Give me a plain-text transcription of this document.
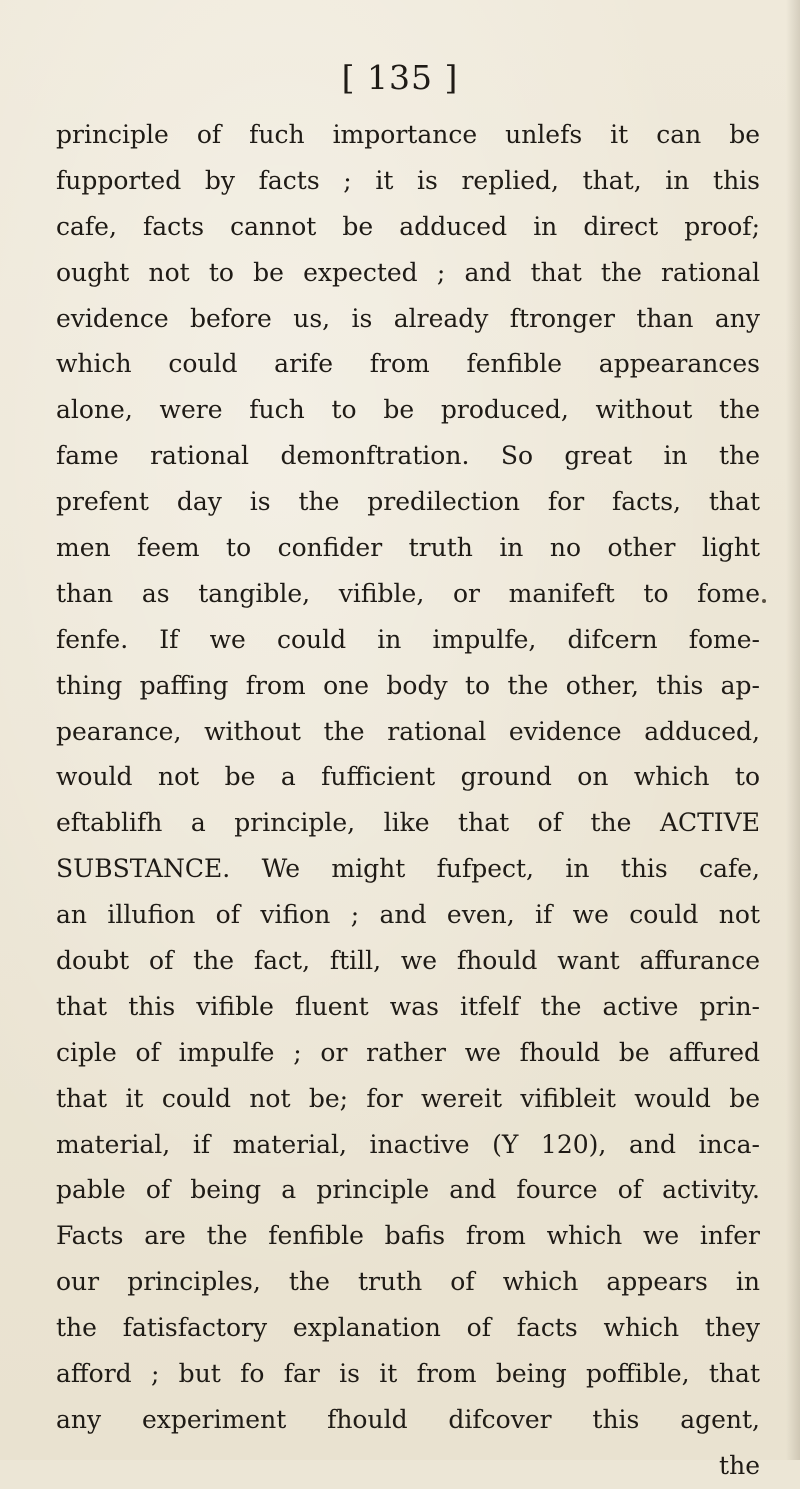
[ 135 ]
principle of fuch importance unlefs it can be
fupported by facts ; it is replied, that, in this
cafe, facts cannot be adduced in direct proof;
ought not to be expected ; and that the rational
evidence before us, is already ftronger than any
which could arife from fenfible appearances
alone, were fuch to be produced, without the
fame rational demonftration. So great in the
prefent day is the predilection for facts, that
men feem to confider truth in no other light
than as tangible, vifible, or manifeft to fome
fenfe. If we could in impulfe, difcern fome-
thing paffing from one body to the other, this ap-
pearance, without the rational evidence adduced,
would not be a fufficient ground on which to
eftablifh a principle, like that of the ACTIVE
SUBSTANCE. We might fufpect, in this cafe,
an illufion of vifion ; and even, if we could not
doubt of the fact, ftill, we fhould want affurance
that this vifible fluent was itfelf the active prin-
ciple of impulfe ; or rather we fhould be affured
that it could not be; for wereit vifibleit would be
material, if material, inactive (Y 120), and inca-
pable of being a principle and fource of activity.
Facts are the fenfible bafis from which we infer
our principles, the truth of which appears in
the fatisfactory explanation of facts which they
afford ; but fo far is it from being poffible, that
any experiment fhould difcover this agent,
the
